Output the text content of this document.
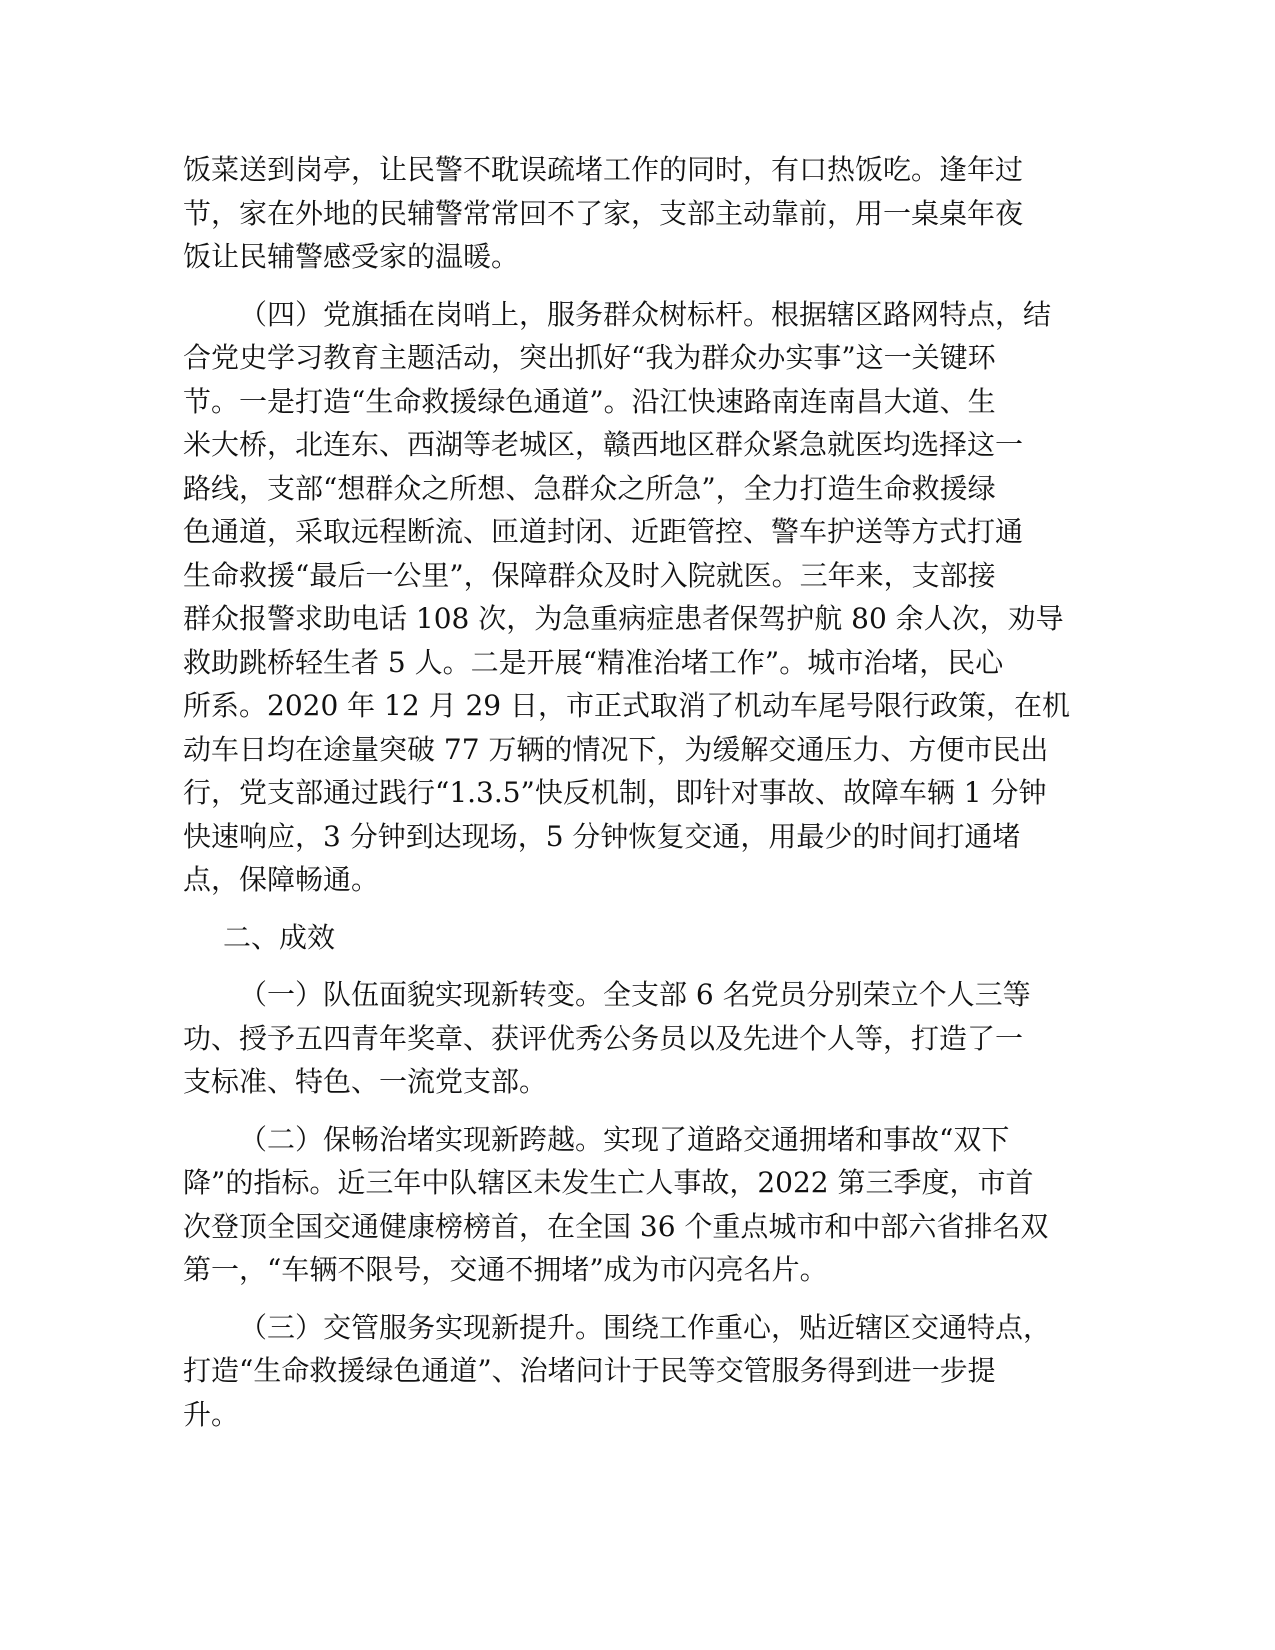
饭菜送到岗亭，让民警不耽误疏堵工作的同时，有口热饭吃。逢年过
节，家在外地的民辅警常常回不了家，支部主动靠前，用一桌桌年夜
饭让民辅警感受家的温暖。

（四）党旗插在岗哨上，服务群众树标杆。根据辖区路网特点，结
合党史学习教育主题活动，突出抓好“我为群众办实事”这一关键环
节。一是打造“生命救援绿色通道”。沿江快速路南连南昌大道、生
米大桥，北连东、西湖等老城区，赣西地区群众紧急就医均选择这一
路线，支部“想群众之所想、急群众之所急”，全力打造生命救援绿
色通道，采取远程断流、匝道封闭、近距管控、警车护送等方式打通
生命救援“最后一公里”，保障群众及时入院就医。三年来，支部接
群众报警求助电话 108 次，为急重病症患者保驾护航 80 余人次，劝导
救助跳桥轻生者 5 人。二是开展“精准治堵工作”。城市治堵，民心
所系。2020 年 12 月 29 日，市正式取消了机动车尾号限行政策，在机
动车日均在途量突破 77 万辆的情况下，为缓解交通压力、方便市民出
行，党支部通过践行“1.3.5”快反机制，即针对事故、故障车辆 1 分钟
快速响应，3 分钟到达现场，5 分钟恢复交通，用最少的时间打通堵
点，保障畅通。

二、成效

（一）队伍面貌实现新转变。全支部 6 名党员分别荣立个人三等
功、授予五四青年奖章、获评优秀公务员以及先进个人等，打造了一
支标准、特色、一流党支部。

（二）保畅治堵实现新跨越。实现了道路交通拥堵和事故“双下
降”的指标。近三年中队辖区未发生亡人事故，2022 第三季度，市首
次登顶全国交通健康榜榜首，在全国 36 个重点城市和中部六省排名双
第一，“车辆不限号，交通不拥堵”成为市闪亮名片。

（三）交管服务实现新提升。围绕工作重心，贴近辖区交通特点，
打造“生命救援绿色通道”、治堵问计于民等交管服务得到进一步提
升。
